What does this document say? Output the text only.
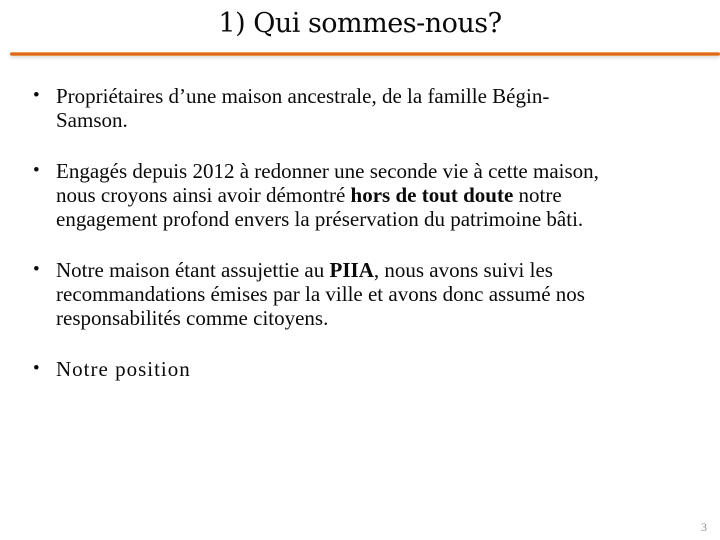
1) Qui sommes-nous?
• Propriétaires d’une maison ancestrale, de la famille Bégin-Samson.
• Engagés depuis 2012 à redonner une seconde vie à cette maison, nous croyons ainsi avoir démontré hors de tout doute notre engagement profond envers la préservation du patrimoine bâti.
• Notre maison étant assujettie au PIIA, nous avons suivi les recommandations émises par la ville et avons donc assumé nos responsabilités comme citoyens.
• Notre position
3
